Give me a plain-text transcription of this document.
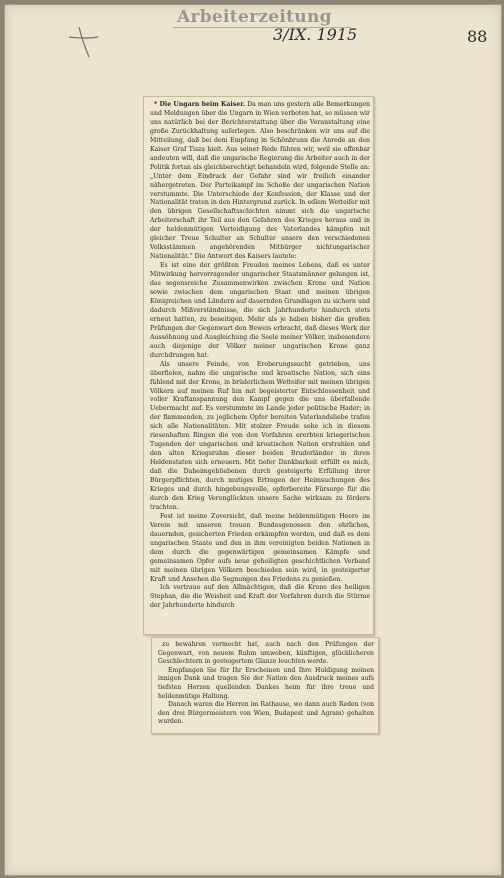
Arbeiterzeitung
3/IX. 1915	88

* Die Ungarn beim Kaiser. Da man uns gestern alle Bemerkungen und Meldungen über die Ungarn in Wien verboten hat, so müssen wir uns natürlich bei der Berichterstattung über die Veranstaltung eine große Zurückhaltung auferlegen. Also beschränken wir uns auf die Mitteilung, daß bei dem Empfang in Schönbrunn die Anrede an den Kaiser Graf Tisza hielt. Aus seiner Rede führen wir, weil sie offenbar andeuten will, daß die ungarische Regierung die Arbeiter auch in der Politik fortan als gleichberechtigt behandeln wird, folgende Stelle an: „Unter dem Eindruck der Gefahr sind wir freilich einander nähergetreten. Der Parteikampf im Schoße der ungarischen Nation verstummte. Die Unterschiede der Konfession, der Klasse und der Nationalität traten in den Hintergrund zurück. In edlem Wetteifer mit den übrigen Gesellschaftsschichten nimmt sich die ungarische Arbeiterschaft ihr Teil aus den Gefahren des Krieges heraus und in der heldenmütigen Verteidigung des Vaterlandes kämpfen mit gleicher Treue Schulter an Schulter unsere den verschiedenen Volksstämmen angehörenden Mitbürger nichtungarischer Nationalität.“ Die Antwort des Kaisers lautete:

Es ist eine der größten Freuden meines Lebens, daß es unter Mitwirkung hervorragender ungarischer Staatsmänner gelungen ist, das segensreiche Zusammenwirken zwischen Krone und Nation sowie zwischen dem ungarischen Staat und meinen übrigen Königreichen und Ländern auf dauernden Grundlagen zu sichern und dadurch Mißverständnisse, die sich Jahrhunderte hindurch stets erneut hatten, zu beseitigen. Mehr als je haben bisher die großen Prüfungen der Gegenwart den Beweis erbracht, daß dieses Werk der Aussöhnung und Ausgleichung die Seele meiner Völker, insbesondere auch diejenige der Völker meiner ungarischen Krone ganz durchdrungen hat.

Als unsere Feinde, von Eroberungssucht getrieben, uns überfielen, nahm die ungarische und kroatische Nation, sich eins fühlend mit der Krone, in brüderlichem Wetteifer mit meinen übrigen Völkern auf meinen Ruf hin mit begeisterter Entschlossenheit und voller Kraftanspannung den Kampf gegen die uns überfallende Uebermacht auf. Es verstummte im Lande jeder politische Hader; in der flammenden, zu jeglichem Opfer bereiten Vaterlandsliebe trafen sich alle Nationalitäten. Mit stolzer Freude sehe ich in diesem riesenhaften Ringen die von den Vorfahren ererbten kriegerischen Tugenden der ungarischen und kroatischen Nation erstrahlen und den alten Kriegsruhm dieser beiden Bruderländer in ihren Heldenstaten sich erneuern. Mit tiefer Dankbarkeit erfüllt es mich, daß die Daheimgebliebenen durch gesteigerte Erfüllung ihrer Bürgerpflichten, durch mutiges Ertragen der Heimsuchungen des Krieges und durch hingebungsvolle, opferbereite Fürsorge für die durch den Krieg Verunglückten unsere Sache wirksam zu fördern trachten.

Fest ist meine Zuversicht, daß meine heldenmütigen Heere im Verein mit unseren treuen Bundesgenossen den ehrlichen, dauernden, gesicherten Frieden erkämpfen werden, und daß es dem ungarischen Staate und den in ihm vereinigten beiden Nationen in dem durch die gegenwärtigen gemeinsamen Kämpfe und gemeinsamen Opfer aufs neue geheiligten geschichtlichen Verband mit meinen übrigen Völkern beschieden sein wird, in gesteigerter Kraft und Ansehen die Segnungen des Friedens zu genießen.

Ich vertraue auf den Allmächtigen, daß die Krone des heiligen Stephan, die die Weisheit und Kraft der Vorfahren durch die Stürme der Jahrhunderte hindurch

zu bewahren vermocht hat, auch nach den Prüfungen der Gegenwart, von neuem Ruhm umwoben, künftigen, glücklicheren Geschlechtern in gesteigertem Glanze leuchten werde.

Empfangen Sie für Ihr Erscheinen und Ihre Huldigung meinen innigen Dank und tragen Sie der Nation den Ausdruck meines aufs tiefsten Herzen quellenden Dankes heim für ihre treue und heldenmütige Haltung.

Danach waren die Herren im Rathause, wo dann auch Reden (von den drei Bürgermeistern von Wien, Budapest und Agram) gehalten wurden.
